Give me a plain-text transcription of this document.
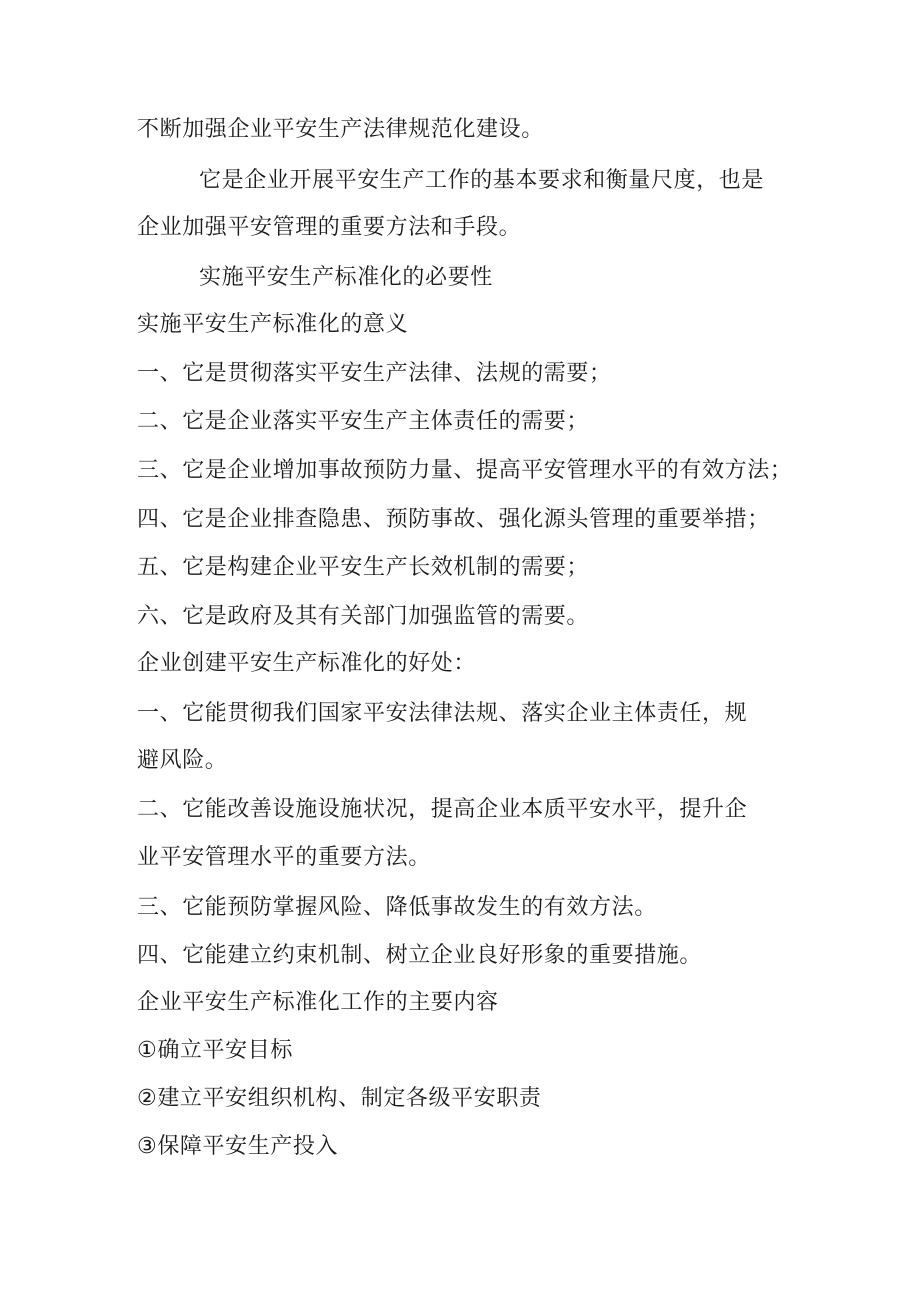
不断加强企业平安生产法律规范化建设。
它是企业开展平安生产工作的基本要求和衡量尺度，也是
企业加强平安管理的重要方法和手段。
实施平安生产标准化的必要性
实施平安生产标准化的意义
一、它是贯彻落实平安生产法律、法规的需要；
二、它是企业落实平安生产主体责任的需要；
三、它是企业增加事故预防力量、提高平安管理水平的有效方法；
四、它是企业排查隐患、预防事故、强化源头管理的重要举措；
五、它是构建企业平安生产长效机制的需要；
六、它是政府及其有关部门加强监管的需要。
企业创建平安生产标准化的好处：
一、它能贯彻我们国家平安法律法规、落实企业主体责任，规
避风险。
二、它能改善设施设施状况，提高企业本质平安水平，提升企
业平安管理水平的重要方法。
三、它能预防掌握风险、降低事故发生的有效方法。
四、它能建立约束机制、树立企业良好形象的重要措施。
企业平安生产标准化工作的主要内容
①确立平安目标
②建立平安组织机构、制定各级平安职责
③保障平安生产投入
